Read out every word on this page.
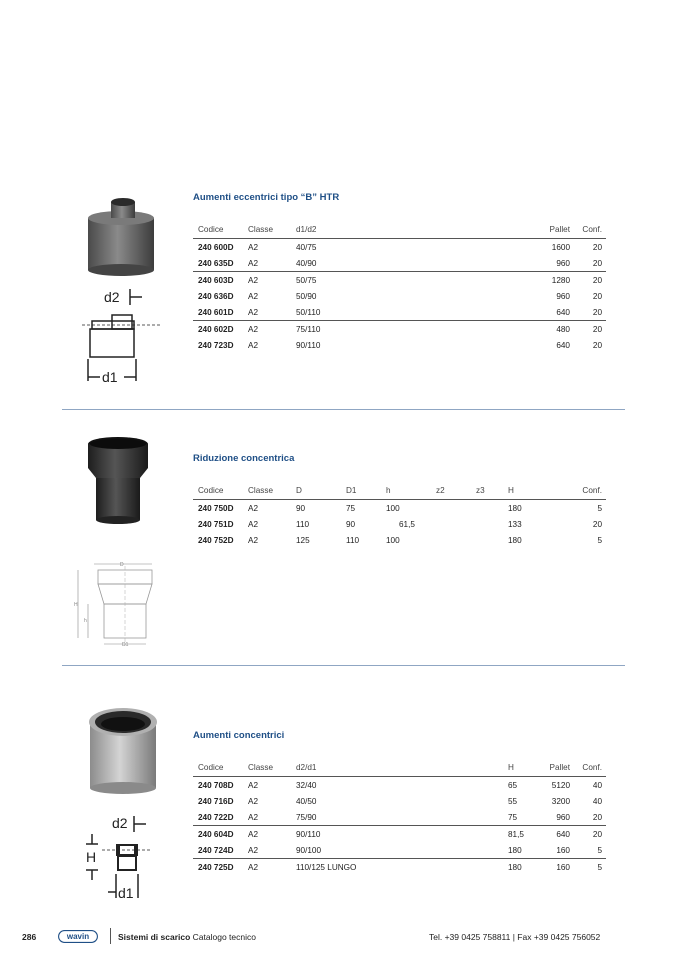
d2
d1
Aumenti eccentrici tipo “B” HTR
Codice	Classe	d1/d2	Pallet	Conf.
240 600D	A2	40/75	1600	20
240 635D	A2	40/90	960	20
240 603D	A2	50/75	1280	20
240 636D	A2	50/90	960	20
240 601D	A2	50/110	640	20
240 602D	A2	75/110	480	20
240 723D	A2	90/110	640	20
D
D1
H
h
Riduzione concentrica
Codice	Classe	D	D1	h	z2	z3	H	Conf.
240 750D	A2	90	75	100			180	5
240 751D	A2	110	90	61,5			133	20
240 752D	A2	125	110	100			180	5
d2
H
d1
Aumenti concentrici
Codice	Classe	d2/d1	H	Pallet	Conf.
240 708D	A2	32/40	65	5120	40
240 716D	A2	40/50	55	3200	40
240 722D	A2	75/90	75	960	20
240 604D	A2	90/110	81,5	640	20
240 724D	A2	90/100	180	160	5
240 725D	A2	110/125 LUNGO	180	160	5
286	wavin	Sistemi di scarico Catalogo tecnico	Tel. +39 0425 758811 | Fax +39 0425 756052
